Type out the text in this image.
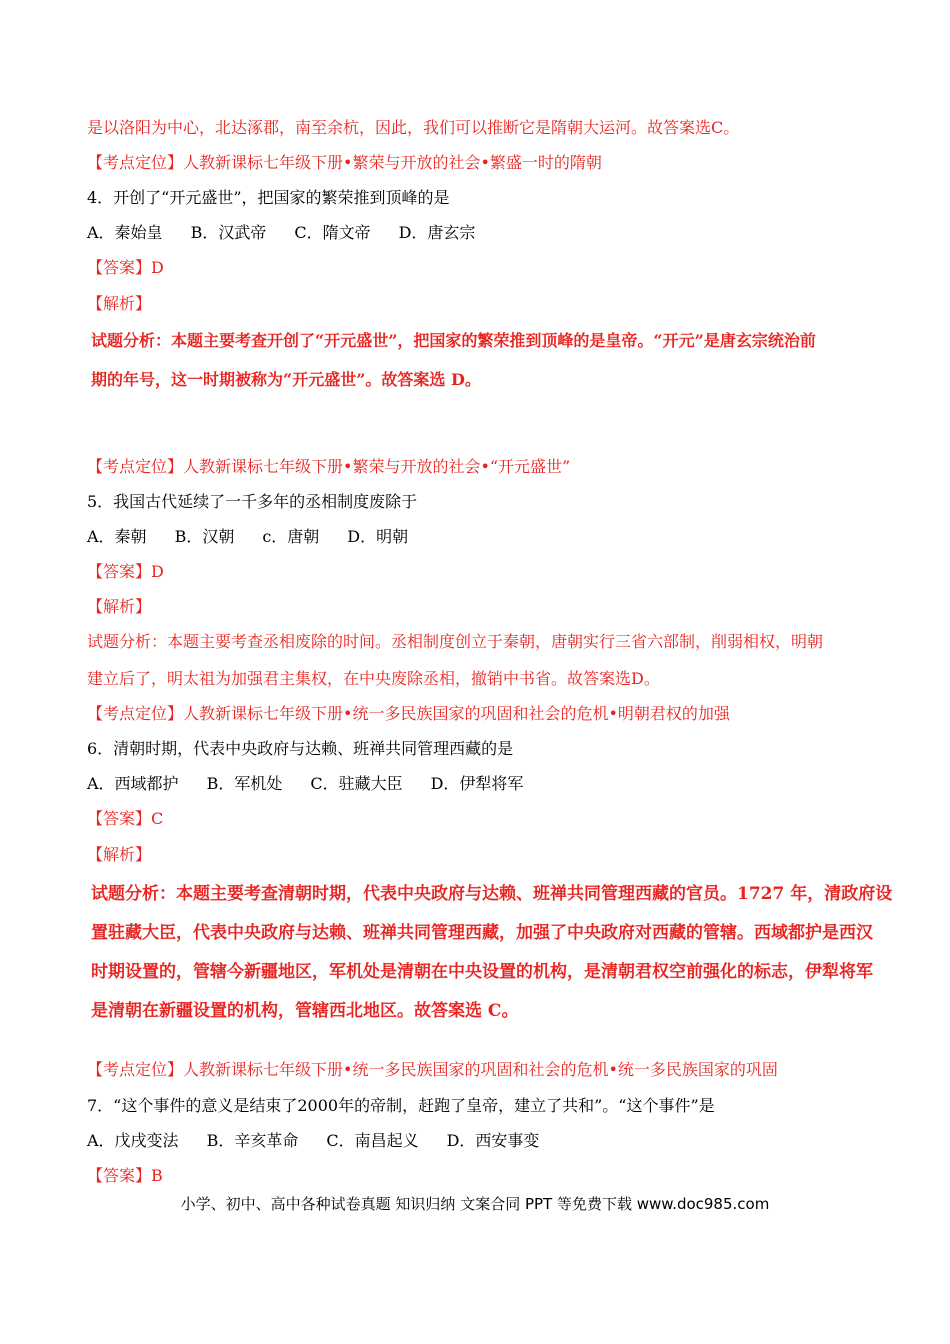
是以洛阳为中心，北达涿郡，南至余杭，因此，我们可以推断它是隋朝大运河。故答案选C。
【考点定位】人教新课标七年级下册•繁荣与开放的社会•繁盛一时的隋朝
4．开创了“开元盛世”，把国家的繁荣推到顶峰的是
A．秦始皇 B．汉武帝 C．隋文帝 D．唐玄宗
【答案】D
【解析】
试题分析：本题主要考查开创了“开元盛世”，把国家的繁荣推到顶峰的是皇帝。“开元”是唐玄宗统治前
期的年号，这一时期被称为“开元盛世”。故答案选 D。
【考点定位】人教新课标七年级下册•繁荣与开放的社会•“开元盛世”
5．我国古代延续了一千多年的丞相制度废除于
A．秦朝 B．汉朝 c．唐朝 D．明朝
【答案】D
【解析】
试题分析：本题主要考查丞相废除的时间。丞相制度创立于秦朝，唐朝实行三省六部制，削弱相权，明朝
建立后了，明太祖为加强君主集权，在中央废除丞相，撤销中书省。故答案选D。
【考点定位】人教新课标七年级下册•统一多民族国家的巩固和社会的危机•明朝君权的加强
6．清朝时期，代表中央政府与达赖、班禅共同管理西藏的是
A．西域都护 B．军机处 C．驻藏大臣 D．伊犁将军
【答案】C
【解析】
试题分析：本题主要考查清朝时期，代表中央政府与达赖、班禅共同管理西藏的官员。1727 年，清政府设
置驻藏大臣，代表中央政府与达赖、班禅共同管理西藏，加强了中央政府对西藏的管辖。西域都护是西汉
时期设置的，管辖今新疆地区，军机处是清朝在中央设置的机构，是清朝君权空前强化的标志，伊犁将军
是清朝在新疆设置的机构，管辖西北地区。故答案选 C。
【考点定位】人教新课标七年级下册•统一多民族国家的巩固和社会的危机•统一多民族国家的巩固
7．“这个事件的意义是结束了2000年的帝制，赶跑了皇帝，建立了共和”。“这个事件”是
A．戊戌变法 B．辛亥革命 C．南昌起义 D．西安事变
【答案】B
小学、初中、高中各种试卷真题 知识归纳 文案合同 PPT 等免费下载 www.doc985.com
